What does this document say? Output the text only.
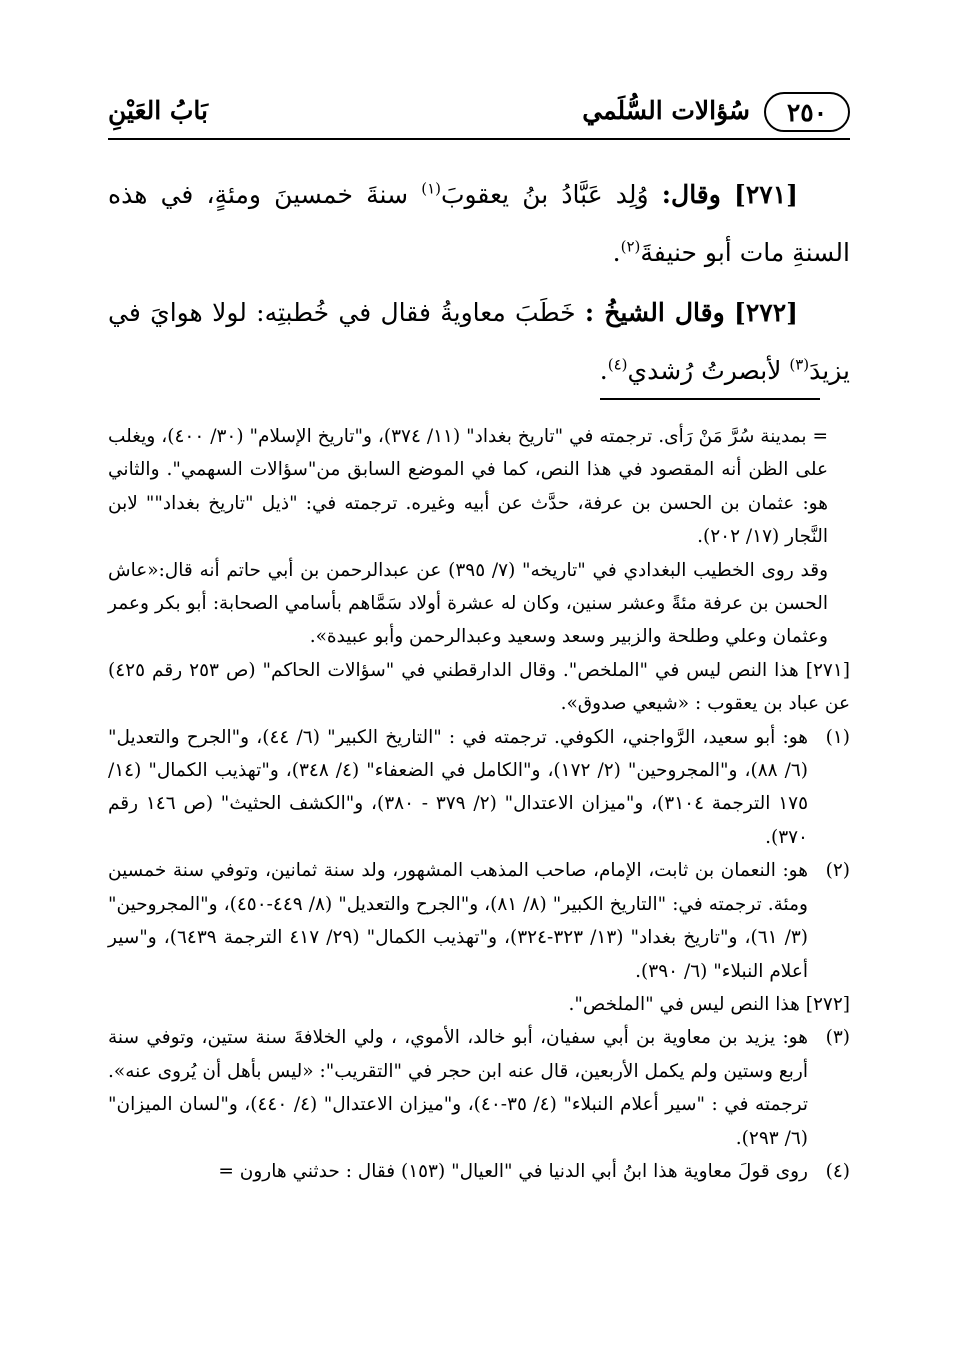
٢٥٠
سُؤالات السُّلَمي
بَابُ العَيْنِ

[٢٧١] وقال: وُلِد عَبَّادُ بنُ يعقوبَ$^{(١)}$ سنةَ خمسينَ ومئةٍ، في هذه السنةِ مات أبو حنيفةَ$^{(٢)}$.

[٢٧٢] وقال الشيخُ : خَطَبَ معاويةُ فقال في خُطبتِه: لولا هوايَ في يزيدَ$^{(٣)}$ لأبصرتُ رُشدي$^{(٤)}$.

= بمدينة سُرَّ مَنْ رَأى. ترجمته في "تاريخ بغداد" (١١/ ٣٧٤)، و"تاريخ الإسلام" (٣٠/ ٤٠٠)، ويغلب على الظن أنه المقصود في هذا النص، كما في الموضع السابق من"سؤالات السهمي". والثاني هو: عثمان بن الحسن بن عرفة، حدَّث عن أبيه وغيره. ترجمته في: "ذيل "تاريخ بغداد"" لابن النَّجار (١٧/ ٢٠٢).

وقد روى الخطيب البغدادي في "تاريخه" (٧/ ٣٩٥) عن عبدالرحمن بن أبي حاتم أنه قال:«عاش الحسن بن عرفة مئةً وعشر سنين، وكان له عشرة أولاد سَمَّاهم بأسامي الصحابة: أبو بكر وعمر وعثمان وعلي وطلحة والزبير وسعد وسعيد وعبدالرحمن وأبو عبيدة».

[٢٧١] هذا النص ليس في "الملخص". وقال الدارقطني في "سؤالات الحاكم" (ص ٢٥٣ رقم ٤٢٥) عن عباد بن يعقوب : «شيعي صدوق».

(١)
هو: أبو سعيد، الرَّواجني، الكوفي. ترجمته في : "التاريخ الكبير" (٦/ ٤٤)، و"الجرح والتعديل" (٦/ ٨٨)، و"المجروحين" (٢/ ١٧٢)، و"الكامل في الضعفاء" (٤/ ٣٤٨)، و"تهذيب الكمال" (١٤/ ١٧٥ الترجمة ٣١٠٤)، و"ميزان الاعتدال" (٢/ ٣٧٩ - ٣٨٠)، و"الكشف الحثيث" (ص ١٤٦ رقم ٣٧٠).

(٢)
هو: النعمان بن ثابت، الإمام، صاحب المذهب المشهور، ولد سنة ثمانين، وتوفي سنة خمسين ومئة. ترجمته في: "التاريخ الكبير" (٨/ ٨١)، و"الجرح والتعديل" (٨/ ٤٤٩-٤٥٠)، و"المجروحين" (٣/ ٦١)، و"تاريخ بغداد" (١٣/ ٣٢٣-٣٢٤)، و"تهذيب الكمال" (٢٩/ ٤١٧ الترجمة ٦٤٣٩)، و"سير أعلام النبلاء" (٦/ ٣٩٠).

[٢٧٢] هذا النص ليس في "الملخص".

(٣)
هو: يزيد بن معاوية بن أبي سفيان، أبو خالد، الأموي، ، ولي الخلافةَ سنة ستين، وتوفي سنة أربع وستين ولم يكمل الأربعين، قال عنه ابن حجر في "التقريب": «ليس بأهل أن يُروى عنه». ترجمته في : "سير أعلام النبلاء" (٤/ ٣٥-٤٠)، و"ميزان الاعتدال" (٤/ ٤٤٠)، و"لسان الميزان" (٦/ ٢٩٣).

(٤)
روى قولَ معاوية هذا ابنُ أبي الدنيا في "العيال" (١٥٣) فقال : حدثني هارون =
